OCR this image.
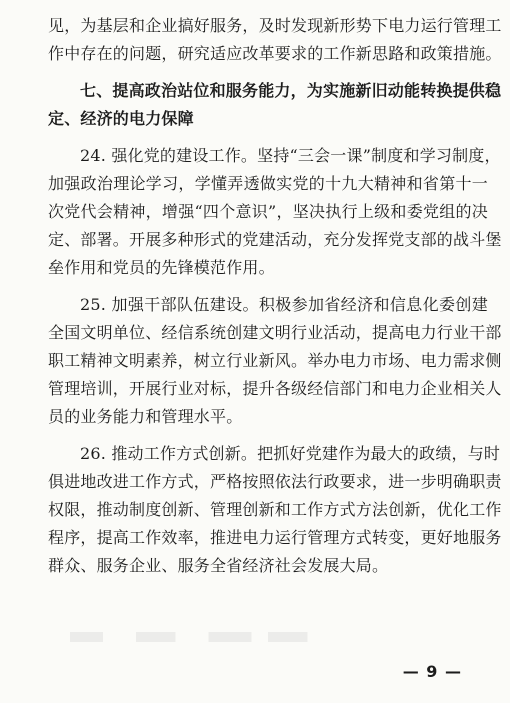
见，为基层和企业搞好服务，及时发现新形势下电力运行管理工
作中存在的问题，研究适应改革要求的工作新思路和政策措施。
七、提高政治站位和服务能力，为实施新旧动能转换提供稳
定、经济的电力保障
24. 强化党的建设工作。坚持“三会一课”制度和学习制度，
加强政治理论学习，学懂弄透做实党的十九大精神和省第十一
次党代会精神，增强“四个意识”，坚决执行上级和委党组的决
定、部署。开展多种形式的党建活动，充分发挥党支部的战斗堡
垒作用和党员的先锋模范作用。
25. 加强干部队伍建设。积极参加省经济和信息化委创建
全国文明单位、经信系统创建文明行业活动，提高电力行业干部
职工精神文明素养，树立行业新风。举办电力市场、电力需求侧
管理培训，开展行业对标，提升各级经信部门和电力企业相关人
员的业务能力和管理水平。
26. 推动工作方式创新。把抓好党建作为最大的政绩，与时
俱进地改进工作方式，严格按照依法行政要求，进一步明确职责
权限，推动制度创新、管理创新和工作方式方法创新，优化工作
程序，提高工作效率，推进电力运行管理方式转变，更好地服务
群众、服务企业、服务全省经济社会发展大局。
— 9 —
